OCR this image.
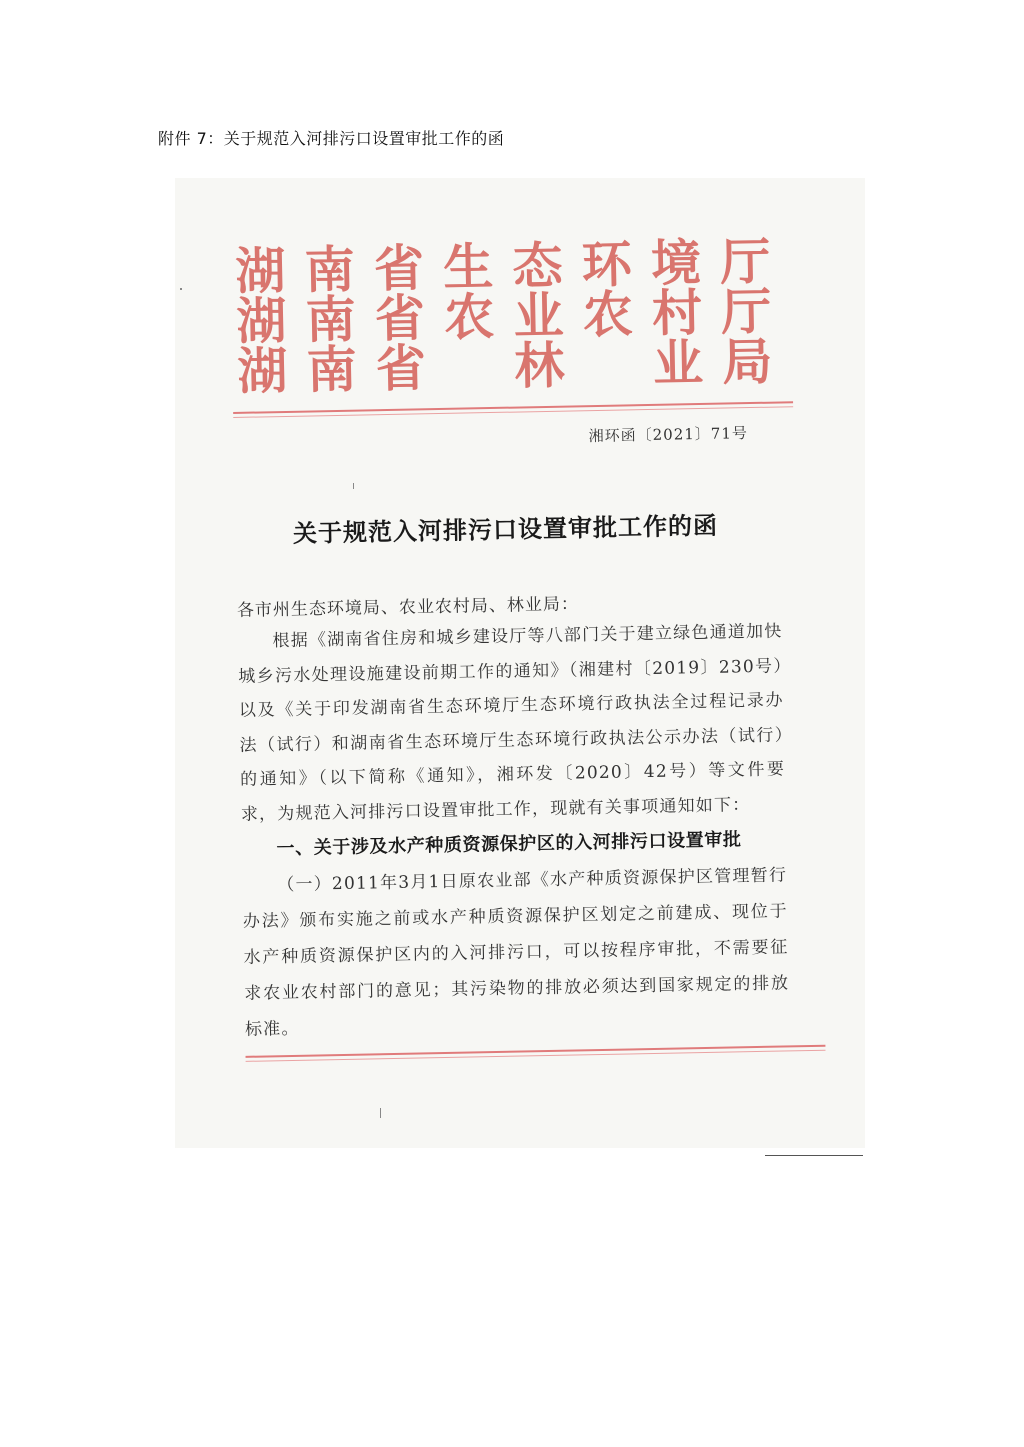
附件 7：关于规范入河排污口设置审批工作的函
湖 南 省 生 态 环 境 厅
湖 南 省 农 业 农 村 厅
湖 南 省 林 业 局
湘环函〔2021〕71号
关于规范入河排污口设置审批工作的函
各市州生态环境局、农业农村局、林业局：
根据《湖南省住房和城乡建设厅等八部门关于建立绿色通道加快城乡污水处理设施建设前期工作的通知》（湘建村〔2019〕230号）以及《关于印发湖南省生态环境厅生态环境行政执法全过程记录办法（试行）和湖南省生态环境厅生态环境行政执法公示办法（试行）的通知》（以下简称《通知》，湘环发〔2020〕42号）等文件要求，为规范入河排污口设置审批工作，现就有关事项通知如下：
一、关于涉及水产种质资源保护区的入河排污口设置审批
（一）2011年3月1日原农业部《水产种质资源保护区管理暂行办法》颁布实施之前或水产种质资源保护区划定之前建成、现位于水产种质资源保护区内的入河排污口，可以按程序审批，不需要征求农业农村部门的意见；其污染物的排放必须达到国家规定的排放标准。
